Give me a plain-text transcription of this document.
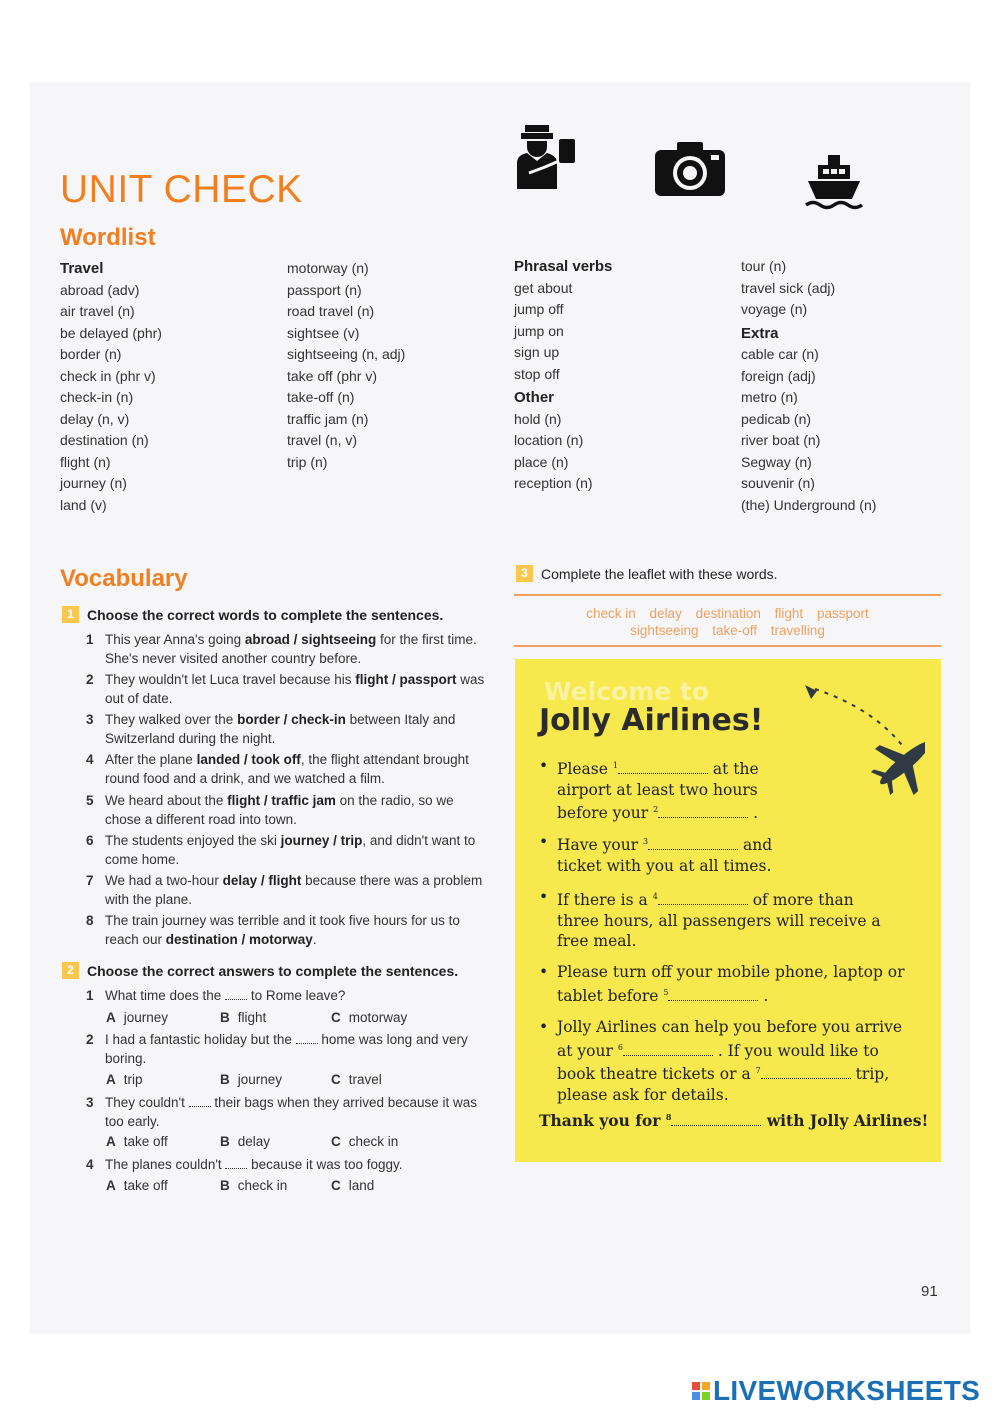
UNIT CHECK
Wordlist
Travel
abroad (adv)
air travel (n)
be delayed (phr)
border (n)
check in (phr v)
check-in (n)
delay (n, v)
destination (n)
flight (n)
journey (n)
land (v)
motorway (n)
passport (n)
road travel (n)
sightsee (v)
sightseeing (n, adj)
take off (phr v)
take-off (n)
traffic jam (n)
travel (n, v)
trip (n)
Phrasal verbs
get about
jump off
jump on
sign up
stop off
Other
hold (n)
location (n)
place (n)
reception (n)
tour (n)
travel sick (adj)
voyage (n)
Extra
cable car (n)
foreign (adj)
metro (n)
pedicab (n)
river boat (n)
Segway (n)
souvenir (n)
(the) Underground (n)
Vocabulary
1 Choose the correct words to complete the sentences.
1 This year Anna's going abroad / sightseeing for the first time. She's never visited another country before.
2 They wouldn't let Luca travel because his flight / passport was out of date.
3 They walked over the border / check-in between Italy and Switzerland during the night.
4 After the plane landed / took off, the flight attendant brought round food and a drink, and we watched a film.
5 We heard about the flight / traffic jam on the radio, so we chose a different road into town.
6 The students enjoyed the ski journey / trip, and didn't want to come home.
7 We had a two-hour delay / flight because there was a problem with the plane.
8 The train journey was terrible and it took five hours for us to reach our destination / motorway.
2 Choose the correct answers to complete the sentences.
1 What time does the  to Rome leave?
A journey	B flight	C motorway
2 I had a fantastic holiday but the  home was long and very boring.
A trip	B journey	C travel
3 They couldn't  their bags when they arrived because it was too early.
A take off	B delay	C check in
4 The planes couldn't  because it was too foggy.
A take off	B check in	C land
3 Complete the leaflet with these words.
check in delay destination flight passport
sightseeing take-off travelling
Welcome to
Jolly Airlines!
• Please $^1$	at the airport at least two hours before your $^2$	.
• Have your $^3$	and ticket with you at all times.
• If there is a $^4$	of more than three hours, all passengers will receive a free meal.
• Please turn off your mobile phone, laptop or tablet before $^5$	.
• Jolly Airlines can help you before you arrive at your $^6$	. If you would like to book theatre tickets or a $^7$	trip, please ask for details.
Thank you for $^8$	with Jolly Airlines!
91
LIVEWORKSHEETS
